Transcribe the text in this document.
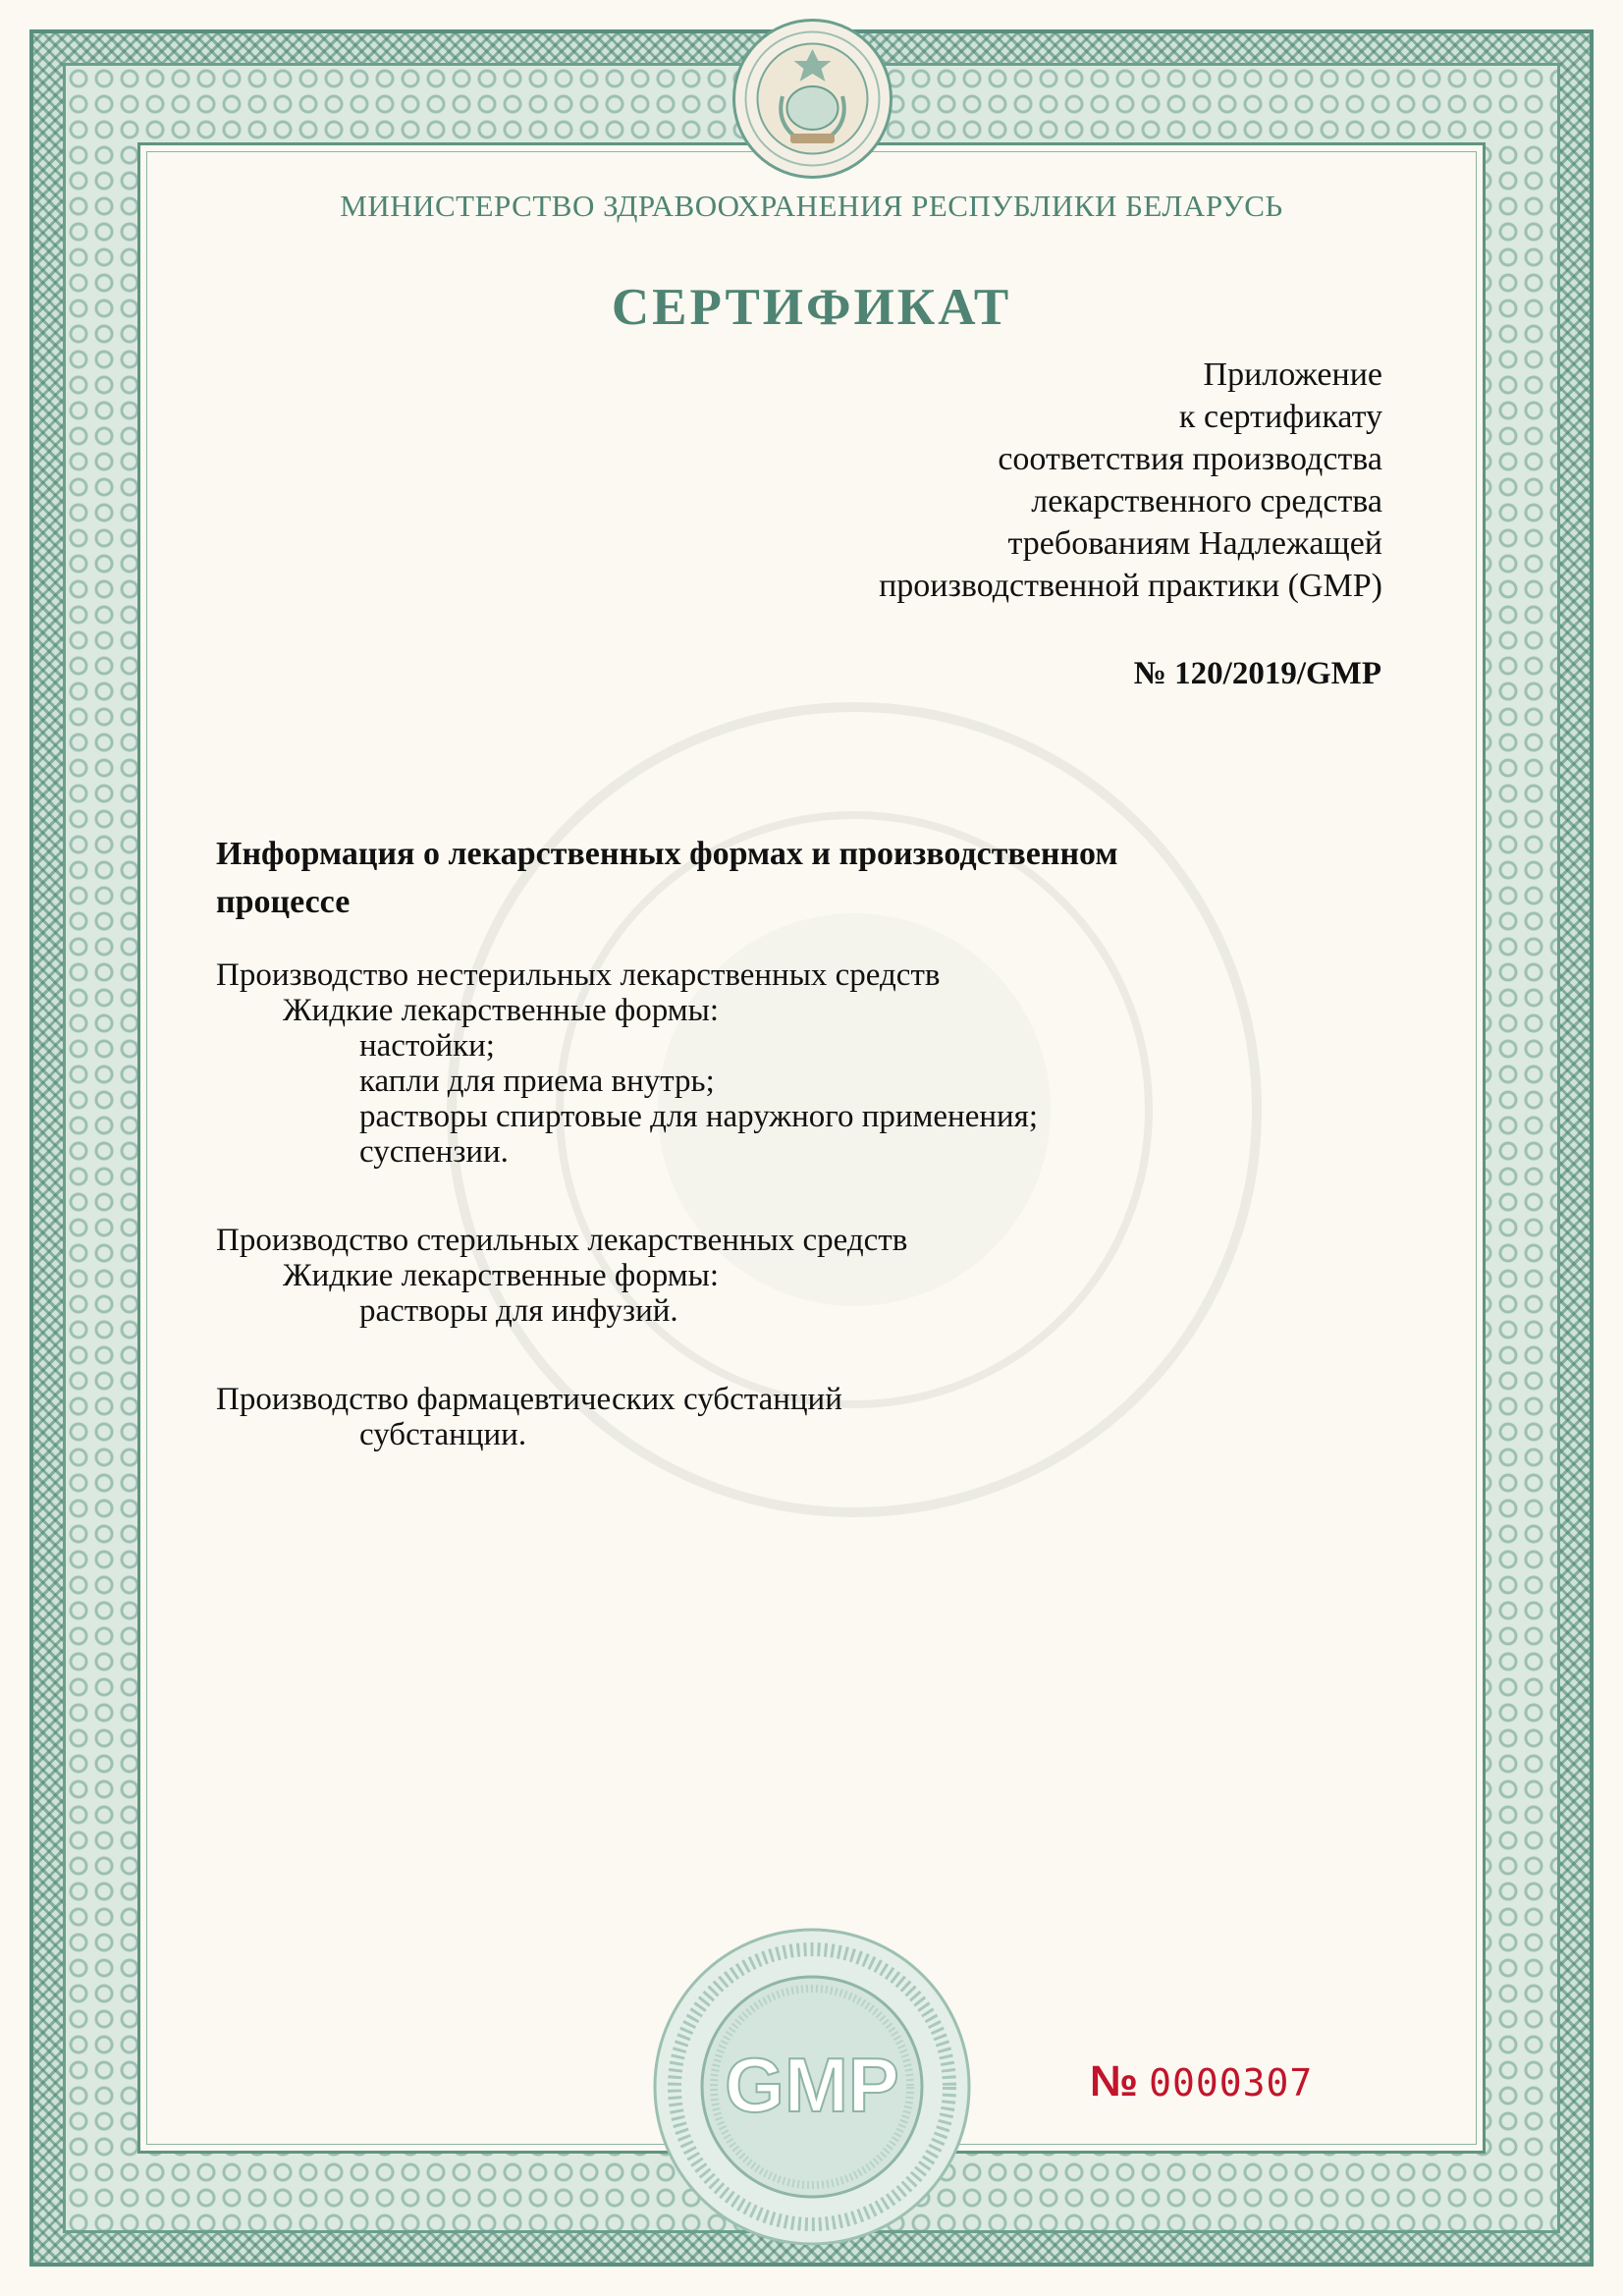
МИНИСТЕРСТВО ЗДРАВООХРАНЕНИЯ РЕСПУБЛИКИ БЕЛАРУСЬ
СЕРТИФИКАТ
Приложение
к сертификату
соответствия производства
лекарственного средства
требованиям Надлежащей
производственной практики (GMP)
№ 120/2019/GMP
Информация о лекарственных формах и производственном
процессе
Производство нестерильных лекарственных средств
Жидкие лекарственные формы:
настойки;
капли для приема внутрь;
растворы спиртовые для наружного применения;
суспензии.
Производство стерильных лекарственных средств
Жидкие лекарственные формы:
растворы для инфузий.
Производство фармацевтических субстанций
субстанции.
GMP	№ 0000307
